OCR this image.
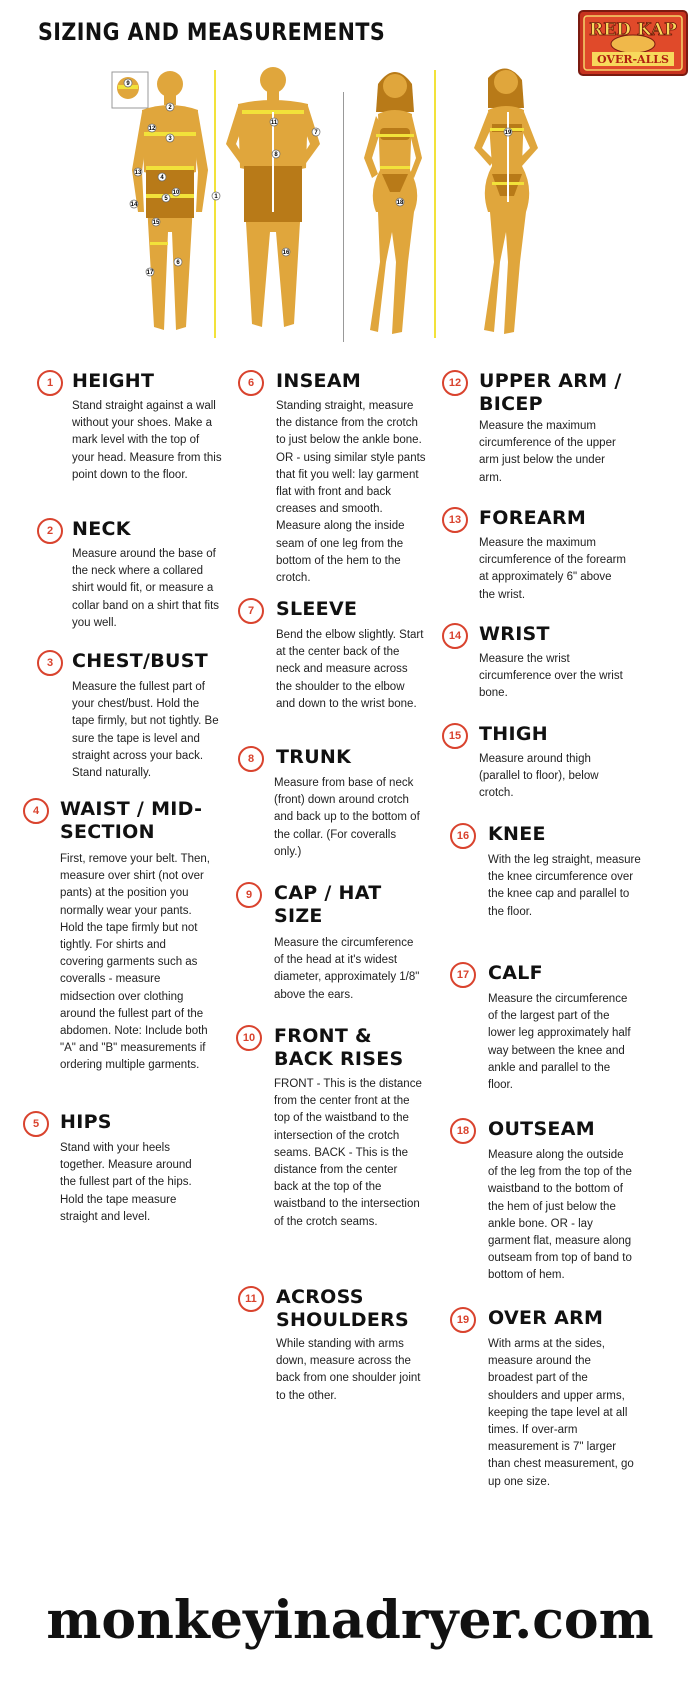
SIZING AND MEASUREMENTS	RED KAP
OVER-ALLS
9
2
12
3
13
4
10
5
14
15
1
6
17
11
7
8
16
18
19
1 HEIGHT
Stand straight against a wall without your shoes. Make a mark level with the top of your head. Measure from this point down to the floor.
2 NECK
Measure around the base of the neck where a collared shirt would fit, or measure a collar band on a shirt that fits you well.
3 CHEST/BUST
Measure the fullest part of your chest/bust. Hold the tape firmly, but not tightly. Be sure the tape is level and straight across your back. Stand naturally.
4	WAIST / MID-SECTION
First, remove your belt. Then, measure over shirt (not over pants) at the position you normally wear your pants. Hold the tape firmly but not tightly. For shirts and covering garments such as coveralls - measure midsection over clothing around the fullest part of the abdomen. Note: Include both "A" and "B" measurements if ordering multiple garments.
5	HIPS
Stand with your heels together. Measure around the fullest part of the hips. Hold the tape measure straight and level.
6	INSEAM
Standing straight, measure the distance from the crotch to just below the ankle bone. OR - using similar style pants that fit you well: lay garment flat with front and back creases and smooth. Measure along the inside seam of one leg from the bottom of the hem to the crotch.
7	SLEEVE
Bend the elbow slightly. Start at the center back of the neck and measure across the shoulder to the elbow and down to the wrist bone.
8	TRUNK
Measure from base of neck (front) down around crotch and back up to the bottom of the collar. (For coveralls only.)
9	CAP / HAT SIZE
Measure the circumference of the head at it's widest diameter, approximately 1/8" above the ears.
10 FRONT & BACK RISES
FRONT - This is the distance from the center front at the top of the waistband to the intersection of the crotch seams. BACK - This is the distance from the center back at the top of the waistband to the intersection of the crotch seams.
11	ACROSS SHOULDERS
While standing with arms down, measure across the back from one shoulder joint to the other.
12 UPPER ARM / BICEP
Measure the maximum circumference of the upper arm just below the under arm.
13 FOREARM
Measure the maximum circumference of the forearm at approximately 6" above the wrist.
14 WRIST
Measure the wrist circumference over the wrist bone.
15 THIGH
Measure around thigh (parallel to floor), below crotch.
16 KNEE
With the leg straight, measure the knee circumference over the knee cap and parallel to the floor.
17 CALF
Measure the circumference of the largest part of the lower leg approximately half way between the knee and ankle and parallel to the floor.
18 OUTSEAM
Measure along the outside of the leg from the top of the waistband to the bottom of the hem of just below the ankle bone. OR - lay garment flat, measure along outseam from top of band to bottom of hem.
19 OVER ARM
With arms at the sides, measure around the broadest part of the shoulders and upper arms, keeping the tape level at all times. If over-arm measurement is 7" larger than chest measurement, go up one size.
monkeyinadryer.com
